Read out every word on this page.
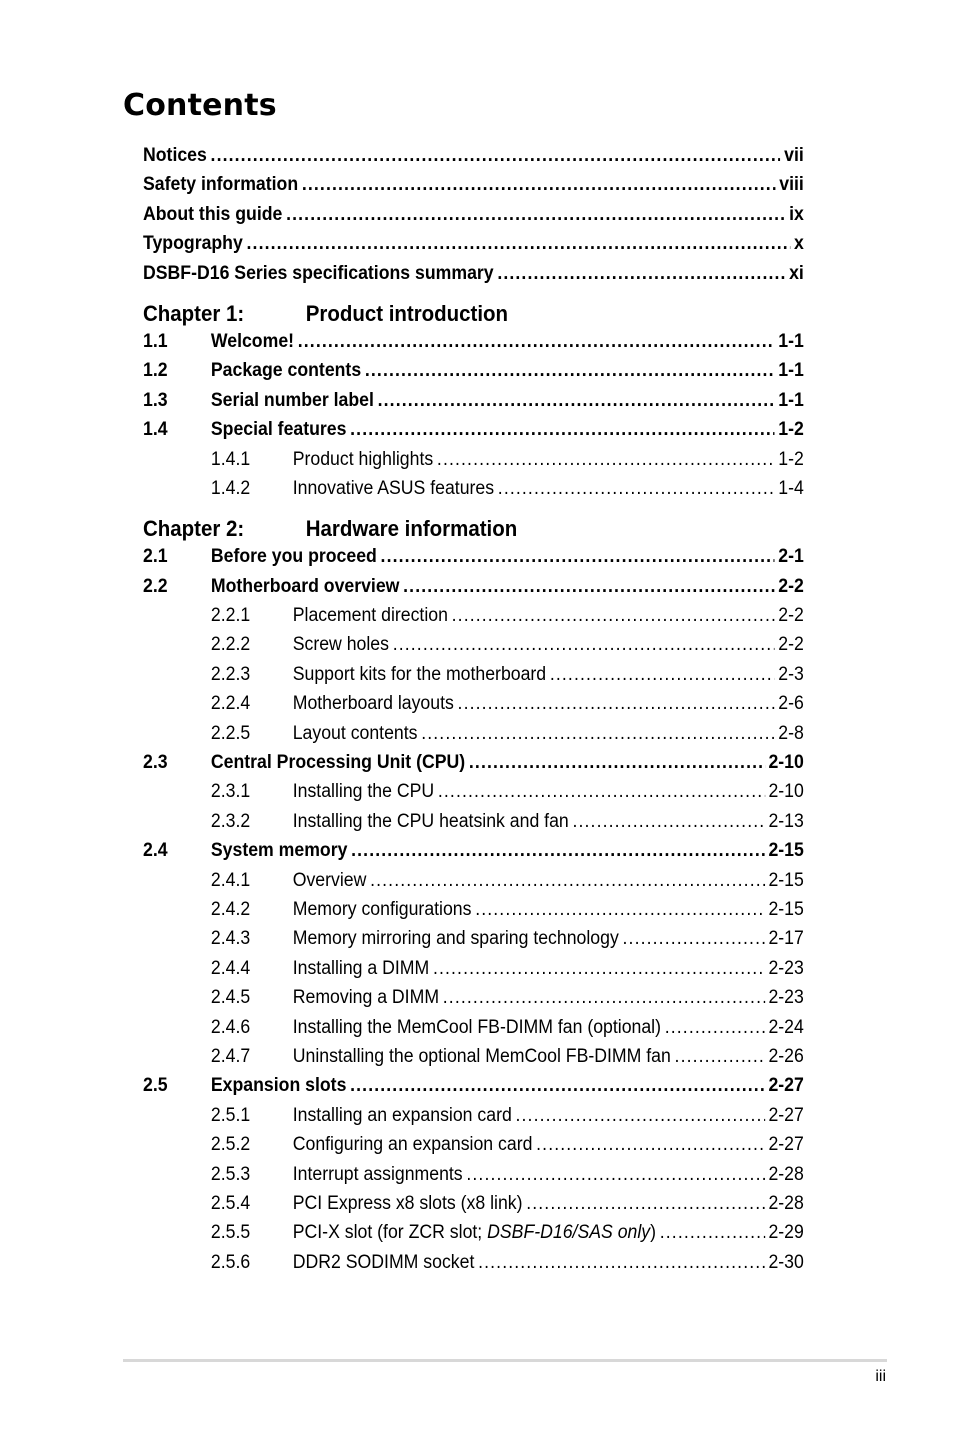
Contents
Notices .....	vii
Safety information .....	viii
About this guide .....	ix
Typography .....	x
DSBF-D16 Series specifications summary .....	xi
Chapter 1:	Product introduction
1.1	Welcome! .....	1-1
1.2	Package contents .....	1-1
1.3	Serial number label .....	1-1
1.4	Special features .....	1-2
1.4.1	Product highlights .....	1-2
1.4.2	Innovative ASUS features .....	1-4
Chapter 2:	Hardware information
2.1	Before you proceed .....	2-1
2.2	Motherboard overview .....	2-2
2.2.1	Placement direction .....	2-2
2.2.2	Screw holes .....	2-2
2.2.3	Support kits for the motherboard .....	2-3
2.2.4	Motherboard layouts .....	2-6
2.2.5	Layout contents .....	2-8
2.3	Central Processing Unit (CPU) .....	2-10
2.3.1	Installing the CPU .....	2-10
2.3.2	Installing the CPU heatsink and fan .....	2-13
2.4	System memory .....	2-15
2.4.1	Overview .....	2-15
2.4.2	Memory configurations .....	2-15
2.4.3	Memory mirroring and sparing technology .....	2-17
2.4.4	Installing a DIMM .....	2-23
2.4.5	Removing a DIMM .....	2-23
2.4.6	Installing the MemCool FB-DIMM fan (optional) .....	2-24
2.4.7	Uninstalling the optional MemCool FB-DIMM fan .....	2-26
2.5	Expansion slots .....	2-27
2.5.1	Installing an expansion card .....	2-27
2.5.2	Configuring an expansion card .....	2-27
2.5.3	Interrupt assignments .....	2-28
2.5.4	PCI Express x8 slots (x8 link) .....	2-28
2.5.5	PCI-X slot (for ZCR slot; DSBF-D16/SAS only) .....	2-29
2.5.6	DDR2 SODIMM socket .....	2-30
iii
